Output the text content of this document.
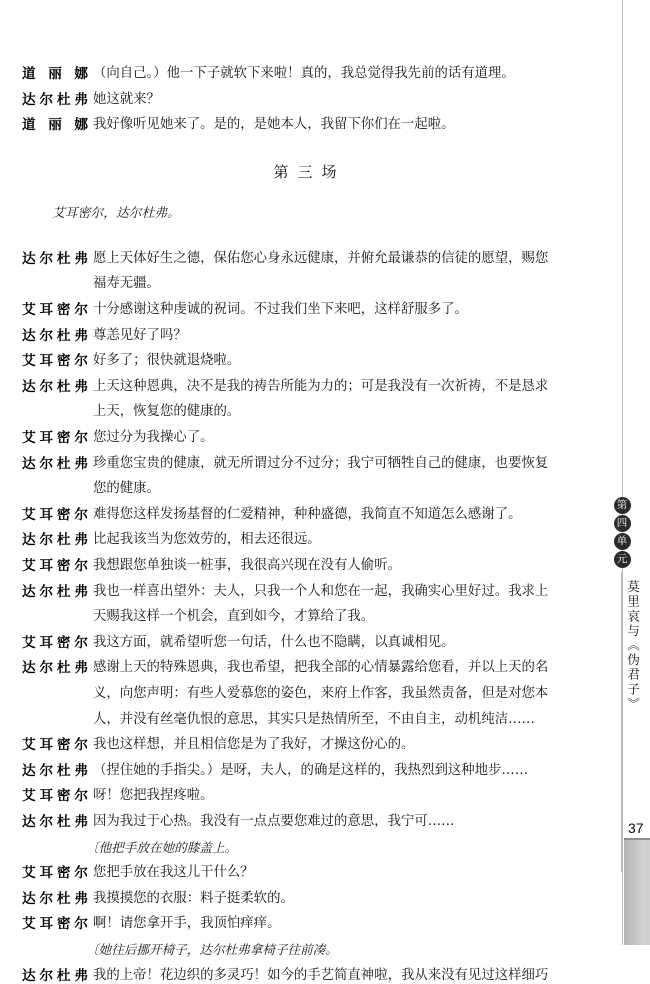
道丽娜 （向自己。）他一下子就软下来啦！真的，我总觉得我先前的话有道理。
达尔杜弗 她这就来？
道丽娜 我好像听见她来了。是的，是她本人，我留下你们在一起啦。
第三场
艾耳密尔，达尔杜弗。
达尔杜弗 愿上天体好生之德，保佑您心身永远健康，并俯允最谦恭的信徒的愿望，赐您
福寿无疆。
艾耳密尔 十分感谢这种虔诚的祝词。不过我们坐下来吧，这样舒服多了。
达尔杜弗 尊恙见好了吗？
艾耳密尔 好多了；很快就退烧啦。
达尔杜弗 上天这种恩典，决不是我的祷告所能为力的；可是我没有一次祈祷，不是恳求
上天，恢复您的健康的。
艾耳密尔 您过分为我操心了。
达尔杜弗 珍重您宝贵的健康，就无所谓过分不过分；我宁可牺牲自己的健康，也要恢复
您的健康。
艾耳密尔 难得您这样发扬基督的仁爱精神，种种盛德，我简直不知道怎么感谢了。
达尔杜弗 比起我该当为您效劳的，相去还很远。
艾耳密尔 我想跟您单独谈一桩事，我很高兴现在没有人偷听。
达尔杜弗 我也一样喜出望外：夫人，只我一个人和您在一起，我确实心里好过。我求上
天赐我这样一个机会，直到如今，才算给了我。
艾耳密尔 我这方面，就希望听您一句话，什么也不隐瞒，以真诚相见。
达尔杜弗 感谢上天的特殊恩典，我也希望，把我全部的心情暴露给您看，并以上天的名
义，向您声明：有些人爱慕您的姿色，来府上作客，我虽然责备，但是对您本
人，并没有丝毫仇恨的意思，其实只是热情所至，不由自主，动机纯洁……
艾耳密尔 我也这样想，并且相信您是为了我好，才操这份心的。
达尔杜弗 （捏住她的手指尖。）是呀，夫人，的确是这样的，我热烈到这种地步……
艾耳密尔 呀！您把我捏疼啦。
达尔杜弗 因为我过于心热。我没有一点点要您难过的意思，我宁可……
〔他把手放在她的膝盖上。
艾耳密尔 您把手放在我这儿干什么？
达尔杜弗 我摸摸您的衣服：料子挺柔软的。
艾耳密尔 啊！请您拿开手，我顶怕痒痒。
〔她往后挪开椅子，达尔杜弗拿椅子往前凑。
达尔杜弗 我的上帝！花边织的多灵巧！如今的手艺简直神啦，我从来没有见过这样细巧
第
四
单
元
莫里哀与《伪君子》
37
